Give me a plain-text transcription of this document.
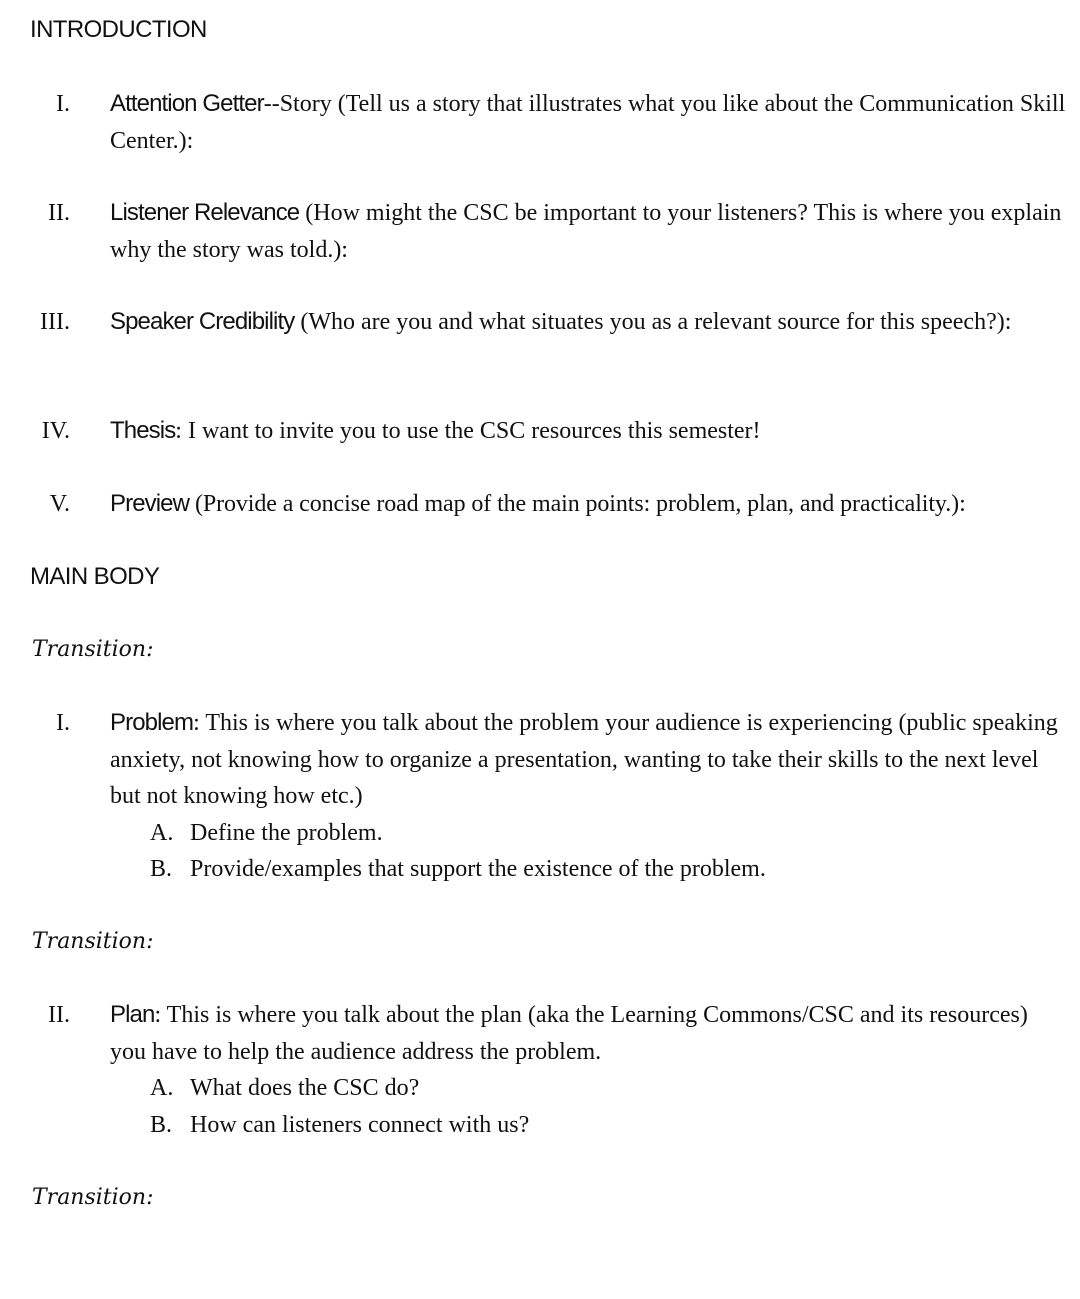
INTRODUCTION
I. Attention Getter--Story (Tell us a story that illustrates what you like about the Communication Skill Center.):
II. Listener Relevance (How might the CSC be important to your listeners? This is where you explain why the story was told.):
III. Speaker Credibility (Who are you and what situates you as a relevant source for this speech?):
IV. Thesis: I want to invite you to use the CSC resources this semester!
V. Preview (Provide a concise road map of the main points: problem, plan, and practicality.):
MAIN BODY
Transition:
I. Problem: This is where you talk about the problem your audience is experiencing (public speaking anxiety, not knowing how to organize a presentation, wanting to take their skills to the next level but not knowing how etc.)
A. Define the problem.
B. Provide/examples that support the existence of the problem.
Transition:
II. Plan: This is where you talk about the plan (aka the Learning Commons/CSC and its resources) you have to help the audience address the problem.
A. What does the CSC do?
B. How can listeners connect with us?
Transition:
